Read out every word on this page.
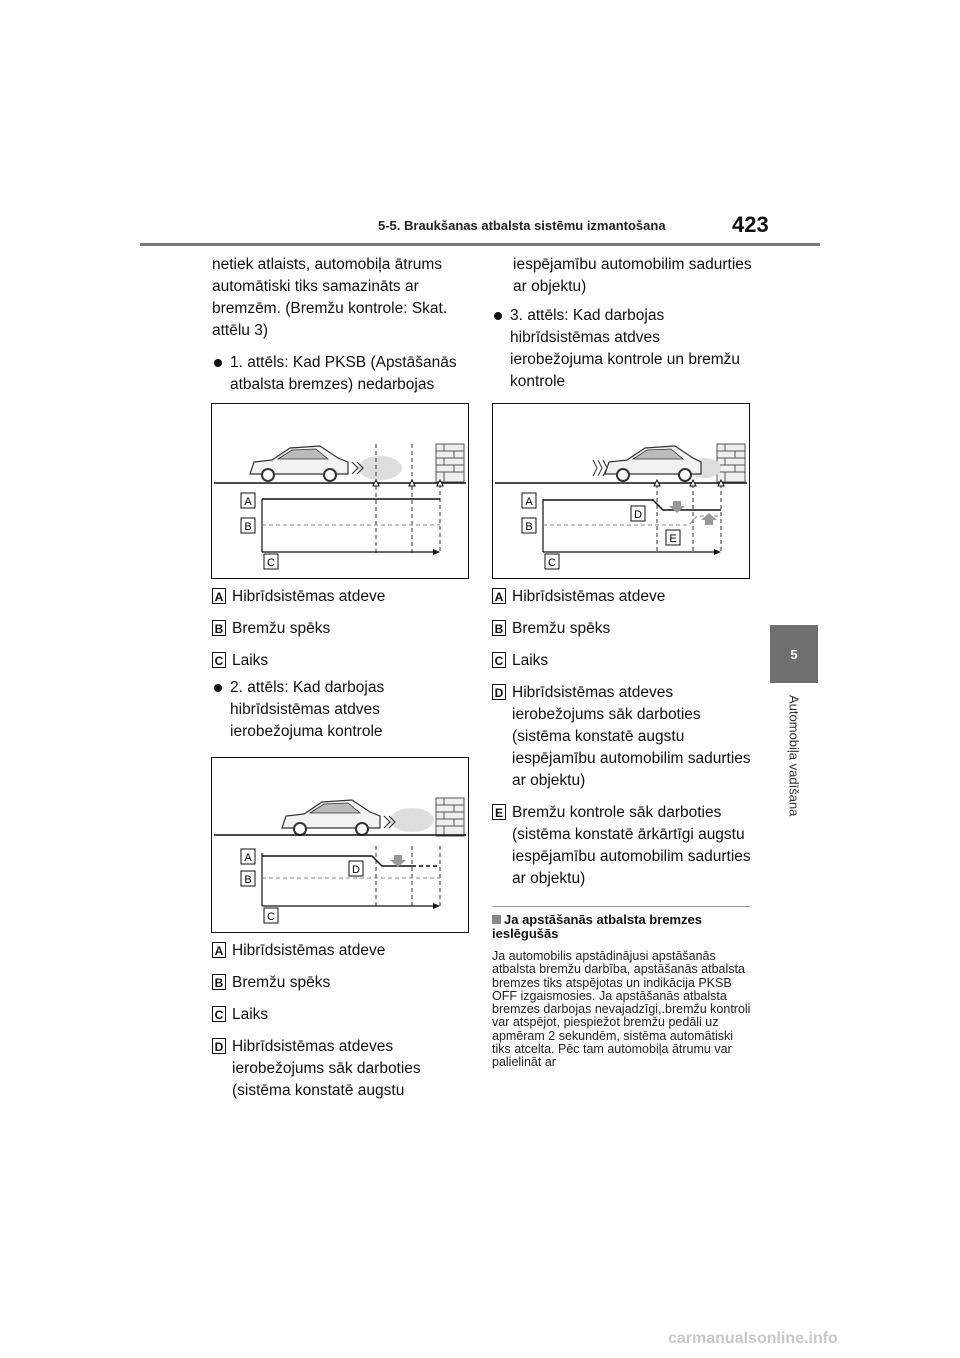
5-5. Braukšanas atbalsta sistēmu izmantošana	423
5
Automobiļa vadīšana

netiek atlaists, automobiļa ātrums automātiski tiks samazināts ar bremzēm. (Bremžu kontrole: Skat. attēlu 3)

1. attēls: Kad PKSB (Apstāšanās atbalsta bremzes) nedarbojas

A
B
C
A Hibrīdsistēmas atdeve
B Bremžu spēks
C Laiks

2. attēls: Kad darbojas hibrīdsistēmas atdves ierobežojuma kontrole

A
B
D
C
A Hibrīdsistēmas atdeve
B Bremžu spēks
C Laiks
D Hibrīdsistēmas atdeves ierobežojums sāk darboties (sistēma konstatē augstu

iespējamību automobilim sadurties ar objektu)

3. attēls: Kad darbojas hibrīdsistēmas atdves ierobežojuma kontrole un bremžu kontrole

A
B
D
E
C
A Hibrīdsistēmas atdeve
B Bremžu spēks
C Laiks
D Hibrīdsistēmas atdeves ierobežojums sāk darboties (sistēma konstatē augstu iespējamību automobilim sadurties ar objektu)
E Bremžu kontrole sāk darboties (sistēma konstatē ārkārtīgi augstu iespējamību automobilim sadurties ar objektu)
Ja apstāšanās atbalsta bremzes ieslēgušās
Ja automobilis apstādinājusi apstāšanās atbalsta bremžu darbība, apstāšanās atbalsta bremzes tiks atspējotas un indikācija PKSB OFF izgaismosies. Ja apstāšanās atbalsta bremzes darbojas nevajadzīgi,.bremžu kontroli var atspējot, piespiežot bremžu pedāli uz apmēram 2 sekundēm, sistēma automātiski tiks atcelta. Pēc tam automobiļa ātrumu var palielināt ar
carmanualsonline.info
